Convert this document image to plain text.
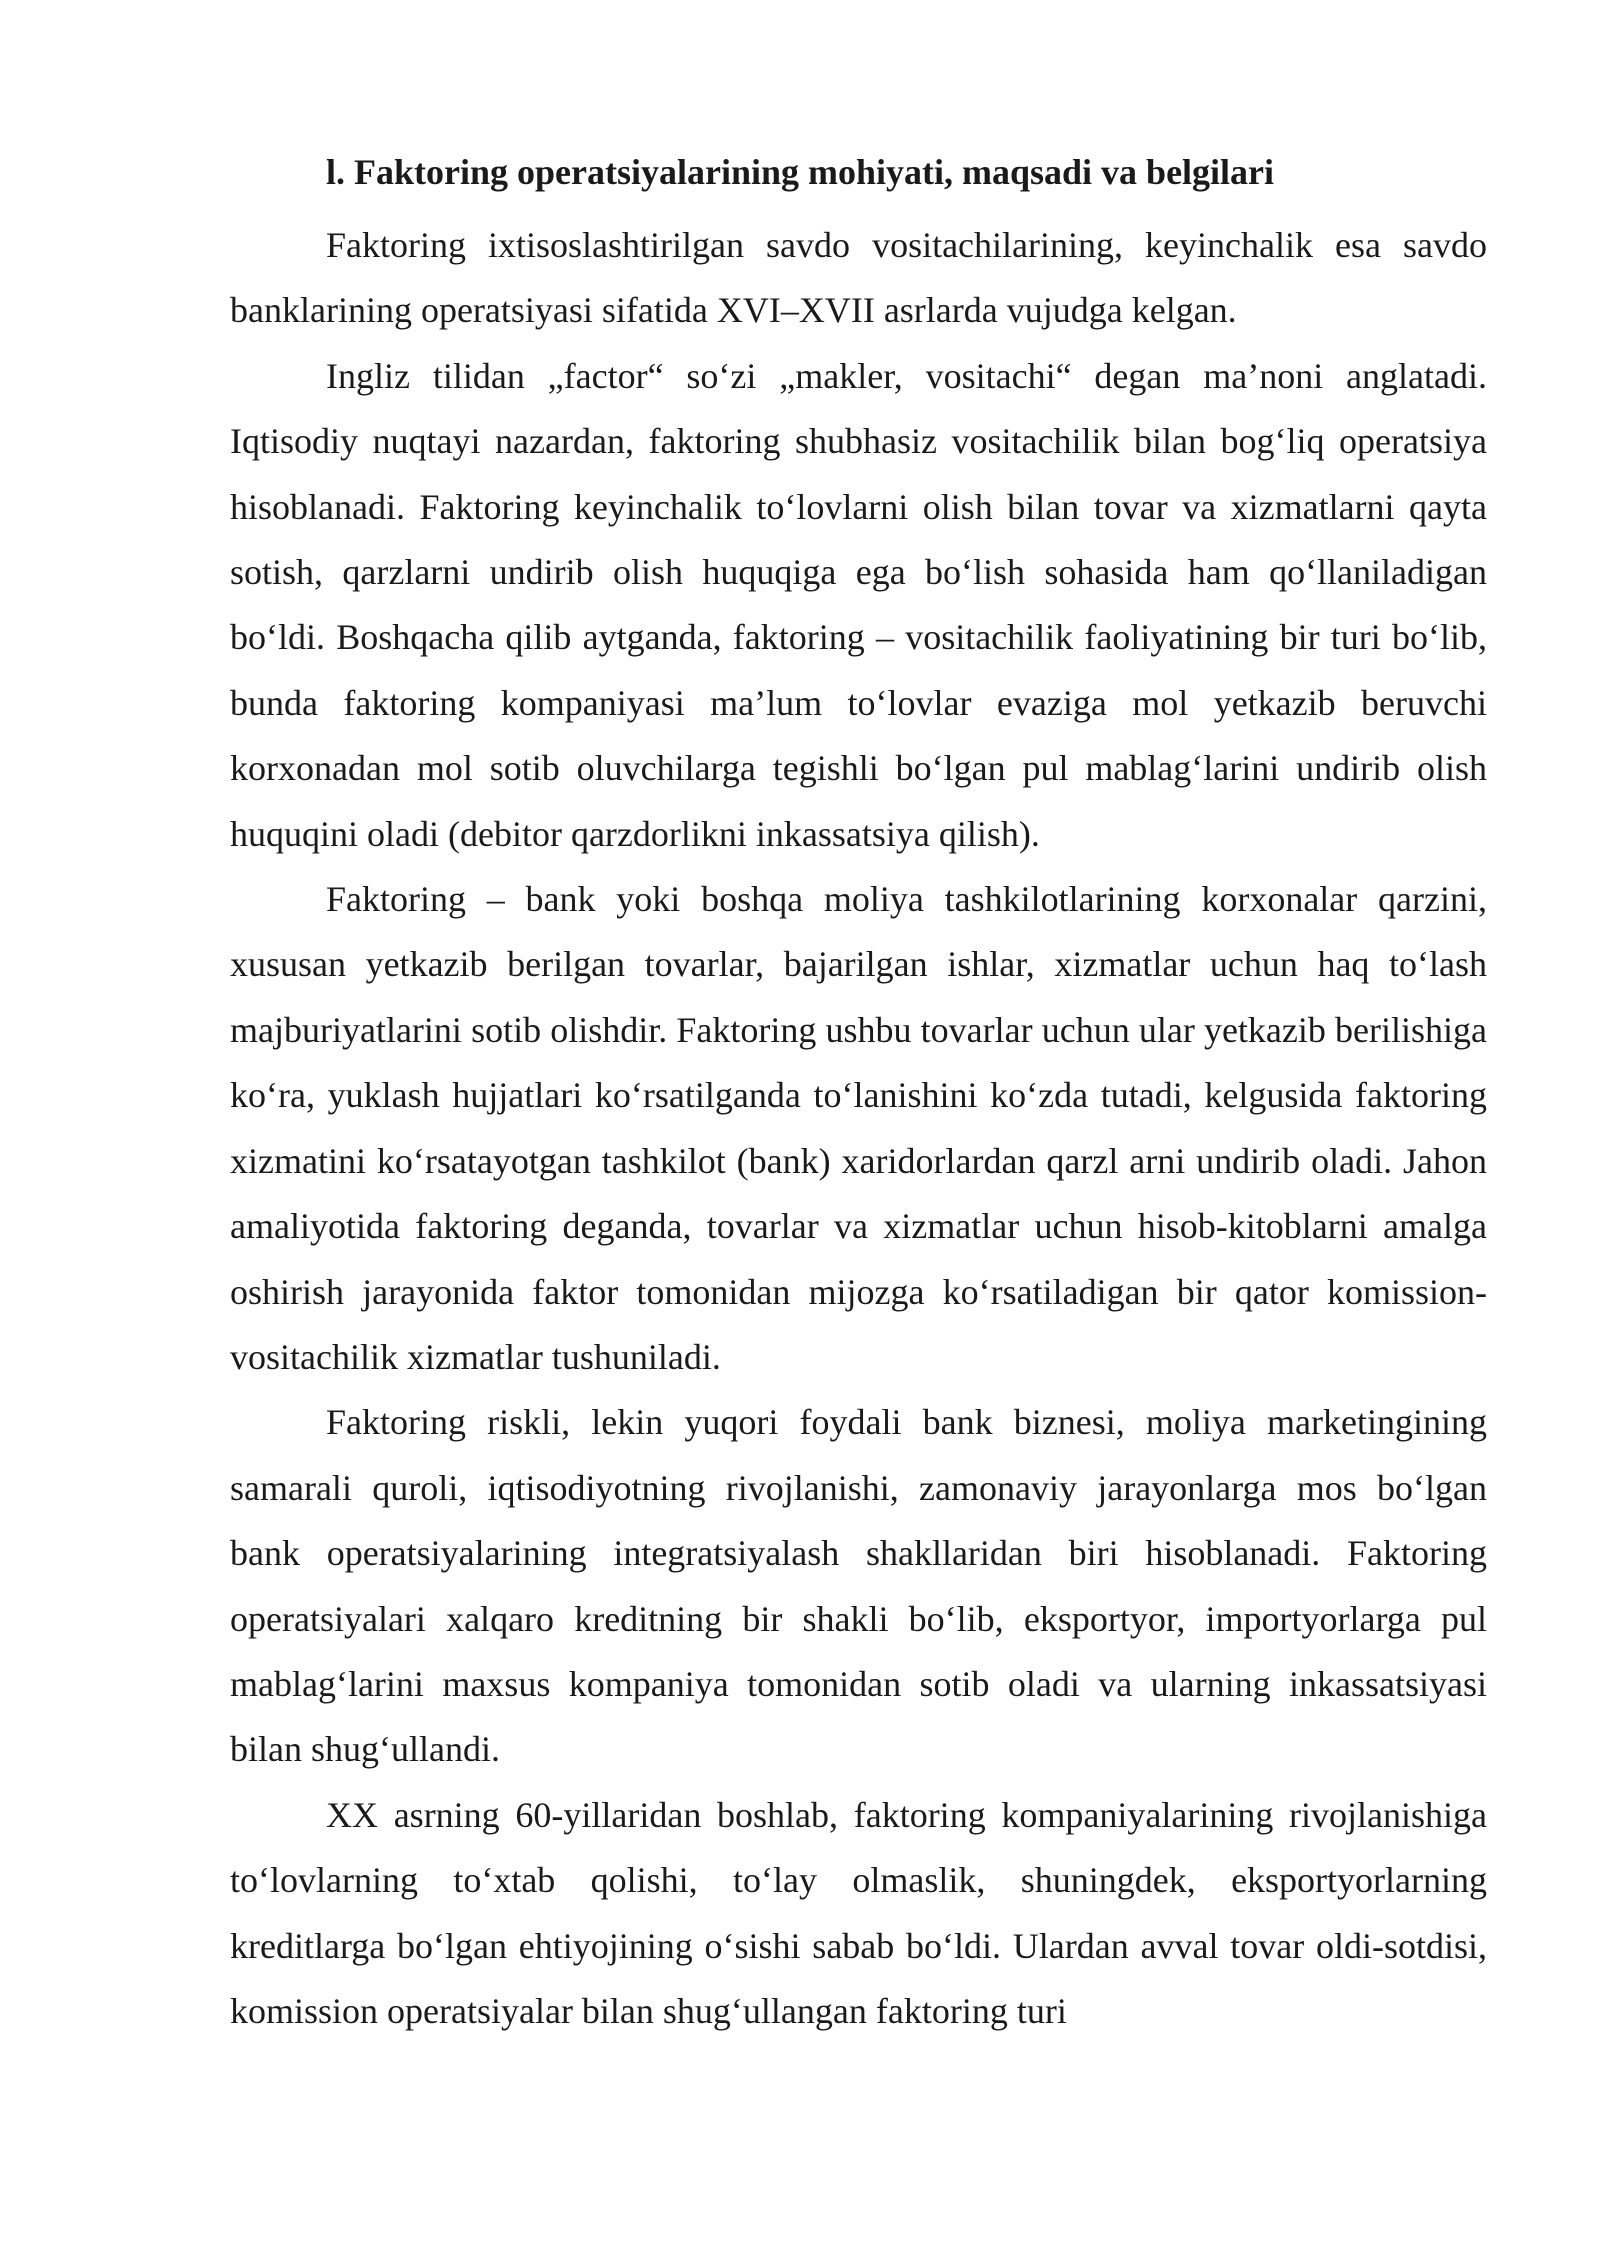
l. Faktoring operatsiyalarining mohiyati, maqsadi va belgilari

Faktoring ixtisoslashtirilgan savdo vositachilarining, keyinchalik esa savdo banklarining operatsiyasi sifatida XVI–XVII asrlarda vujudga kelgan.

Ingliz tilidan „factor“ so‘zi „makler, vositachi“ degan ma’noni anglatadi. Iqtisodiy nuqtayi nazardan, faktoring shubhasiz vositachilik bilan bog‘liq operatsiya hisoblanadi. Faktoring keyinchalik to‘lovlarni olish bilan tovar va xizmatlarni qayta sotish, qarzlarni undirib olish huquqiga ega bo‘lish sohasida ham qo‘llaniladigan bo‘ldi. Boshqacha qilib aytganda, faktoring – vositachilik faoliyatining bir turi bo‘lib, bunda faktoring kompaniyasi ma’lum to‘lovlar evaziga mol yetkazib beruvchi korxonadan mol sotib oluvchilarga tegishli bo‘lgan pul mablag‘larini undirib olish huquqini oladi (debitor qarzdorlikni inkassatsiya qilish).

Faktoring – bank yoki boshqa moliya tashkilotlarining korxonalar qarzini, xususan yetkazib berilgan tovarlar, bajarilgan ishlar, xizmatlar uchun haq to‘lash majburiyatlarini sotib olishdir. Faktoring ushbu tovarlar uchun ular yetkazib berilishiga ko‘ra, yuklash hujjatlari ko‘rsatilganda to‘lanishini ko‘zda tutadi, kelgusida faktoring xizmatini ko‘rsatayotgan tashkilot (bank) xaridorlardan qarzl arni undirib oladi. Jahon amaliyotida faktoring deganda, tovarlar va xizmatlar uchun hisob-kitoblarni amalga oshirish jarayonida faktor tomonidan mijozga ko‘rsatiladigan bir qator komission-vositachilik xizmatlar tushuniladi.

Faktoring riskli, lekin yuqori foydali bank biznesi, moliya marketingining samarali quroli, iqtisodiyotning rivojlanishi, zamonaviy jarayonlarga mos bo‘lgan bank operatsiyalarining integratsiyalash shakllaridan biri hisoblanadi. Faktoring operatsiyalari xalqaro kreditning bir shakli bo‘lib, eksportyor, importyorlarga pul mablag‘larini maxsus kompaniya tomonidan sotib oladi va ularning inkassatsiyasi bilan shug‘ullandi.

XX asrning 60-yillaridan boshlab, faktoring kompaniyalarining rivojlanishiga to‘lovlarning to‘xtab qolishi, to‘lay olmaslik, shuningdek, eksportyorlarning kreditlarga bo‘lgan ehtiyojining o‘sishi sabab bo‘ldi. Ulardan avval tovar oldi-sotdisi, komission operatsiyalar bilan shug‘ullangan faktoring turi
